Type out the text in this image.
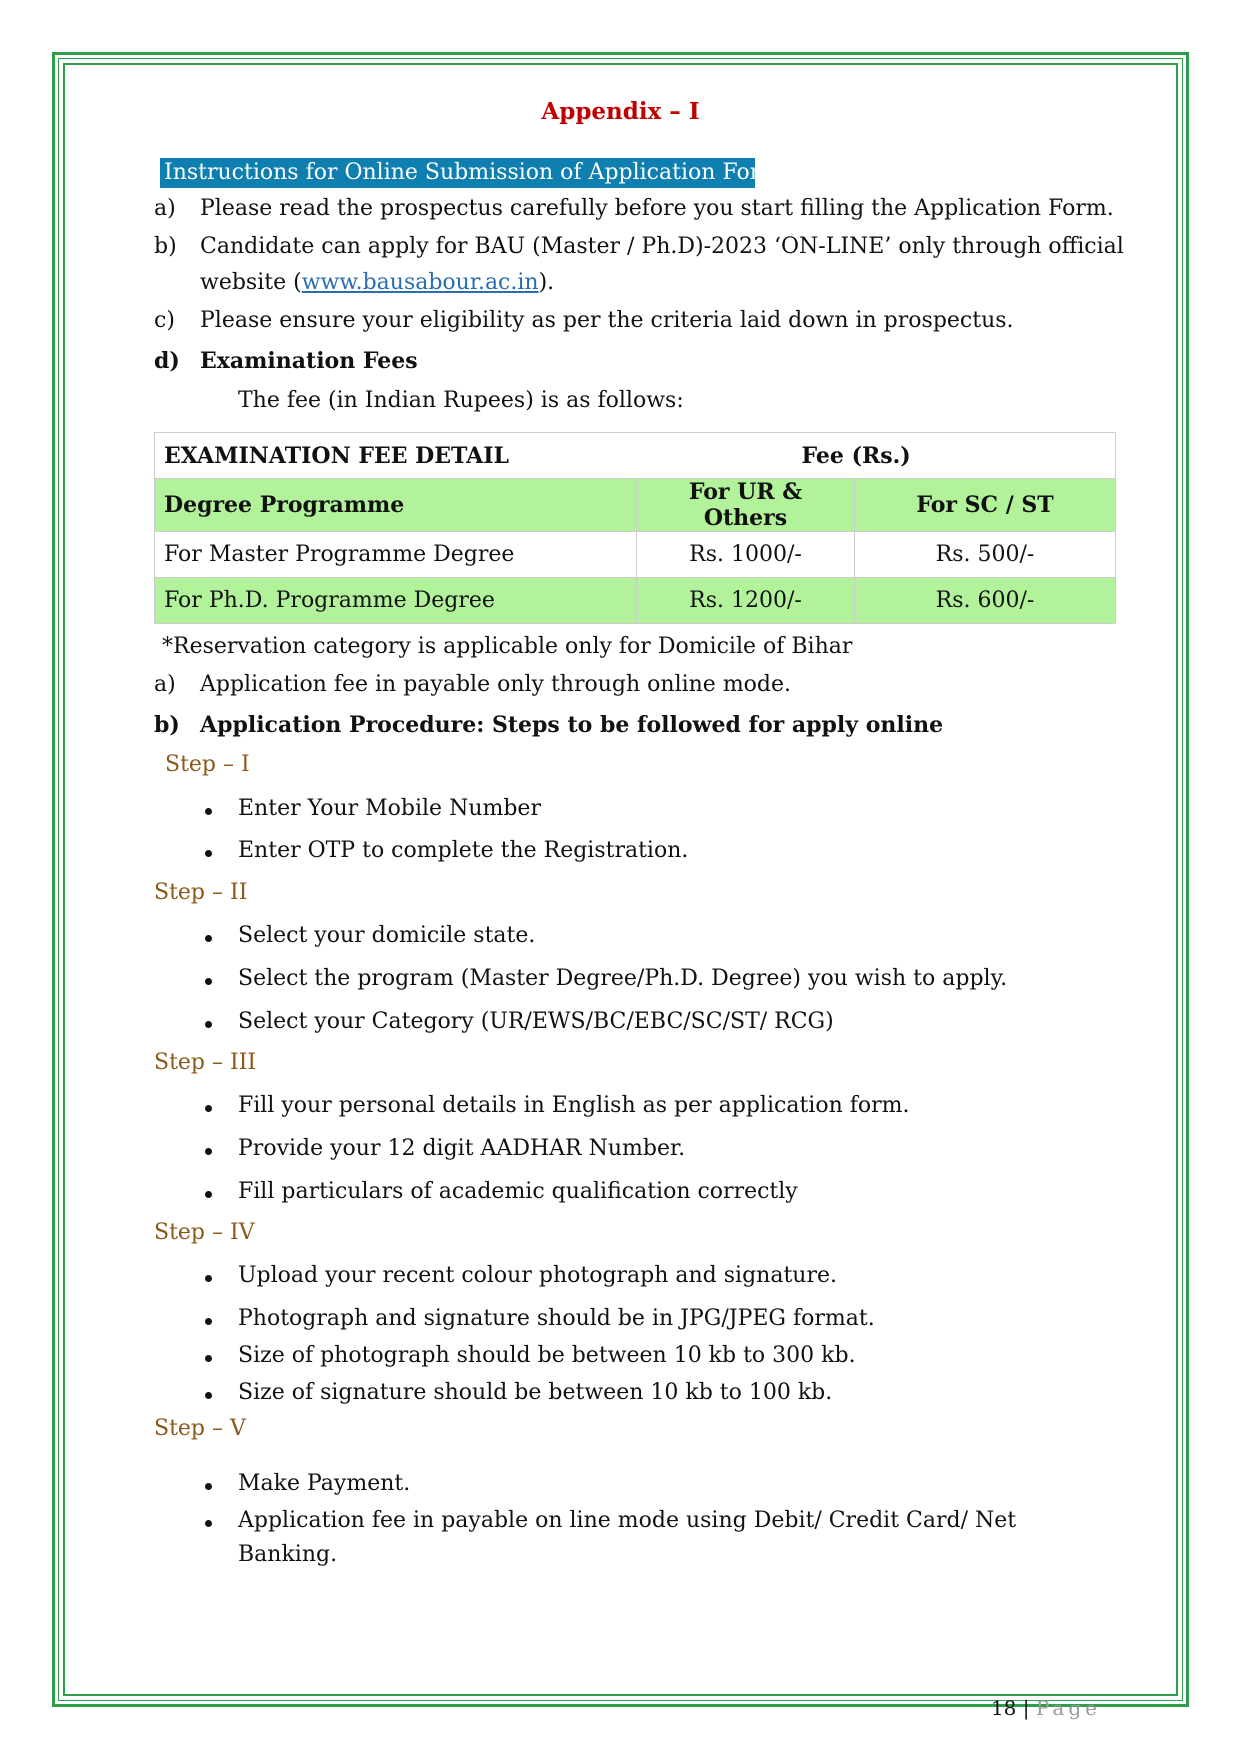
Appendix – I
Instructions for Online Submission of Application Form
a) Please read the prospectus carefully before you start filling the Application Form.
b) Candidate can apply for BAU (Master / Ph.D)-2023 ‘ON-LINE’ only through official
website (www.bausabour.ac.in).
c) Please ensure your eligibility as per the criteria laid down in prospectus.
d) Examination Fees
The fee (in Indian Rupees) is as follows:
EXAMINATION FEE DETAIL	Fee (Rs.)	
Degree Programme	For UR & Others	For SC / ST
For Master Programme Degree	Rs. 1000/-	Rs. 500/-
For Ph.D. Programme Degree	Rs. 1200/-	Rs. 600/-
*Reservation category is applicable only for Domicile of Bihar
a) Application fee in payable only through online mode.
b) Application Procedure: Steps to be followed for apply online
Step – I
Enter Your Mobile Number
Enter OTP to complete the Registration.
Step – II
Select your domicile state.
Select the program (Master Degree/Ph.D. Degree) you wish to apply.
Select your Category (UR/EWS/BC/EBC/SC/ST/ RCG)
Step – III
Fill your personal details in English as per application form.
Provide your 12 digit AADHAR Number.
Fill particulars of academic qualification correctly
Step – IV
Upload your recent colour photograph and signature.
Photograph and signature should be in JPG/JPEG format.
Size of photograph should be between 10 kb to 300 kb.
Size of signature should be between 10 kb to 100 kb.
Step – V
Make Payment.
Application fee in payable on line mode using Debit/ Credit Card/ Net
Banking.
18 | Page
